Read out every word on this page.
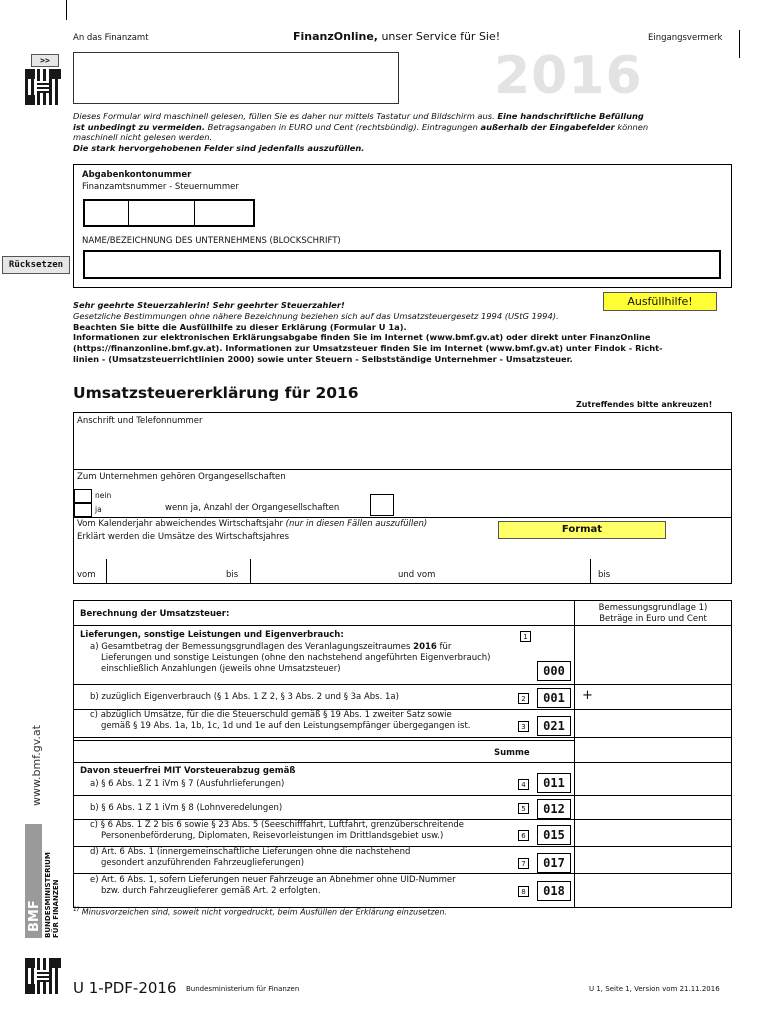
An das Finanzamt	FinanzOnline, unser Service für Sie!	Eingangsvermerk
2016
>>
Dieses Formular wird maschinell gelesen, füllen Sie es daher nur mittels Tastatur und Bildschirm aus. Eine handschriftliche Befüllung
ist unbedingt zu vermeiden. Betragsangaben in EURO und Cent (rechtsbündig). Eintragungen außerhalb der Eingabefelder können
maschinell nicht gelesen werden.
Die stark hervorgehobenen Felder sind jedenfalls auszufüllen.
Abgabenkontonummer
Finanzamtsnummer - Steuernummer
NAME/BEZEICHNUNG DES UNTERNEHMENS (BLOCKSCHRIFT)
Rücksetzen
Sehr geehrte Steuerzahlerin! Sehr geehrter Steuerzahler!
Gesetzliche Bestimmungen ohne nähere Bezeichnung beziehen sich auf das Umsatzsteuergesetz 1994 (UStG 1994).
Beachten Sie bitte die Ausfüllhilfe zu dieser Erklärung (Formular U 1a).
Informationen zur elektronischen Erklärungsabgabe finden Sie im Internet (www.bmf.gv.at) oder direkt unter FinanzOnline
(https://finanzonline.bmf.gv.at). Informationen zur Umsatzsteuer finden Sie im Internet (www.bmf.gv.at) unter Findok - Richt-
linien - (Umsatzsteuerrichtlinien 2000) sowie unter Steuern - Selbstständige Unternehmer - Umsatzsteuer.
Ausfüllhilfe!
Umsatzsteuererklärung für 2016
Zutreffendes bitte ankreuzen!
Anschrift und Telefonnummer
Zum Unternehmen gehören Organgesellschaften
nein
ja	wenn ja, Anzahl der Organgesellschaften
Vom Kalenderjahr abweichendes Wirtschaftsjahr (nur in diesen Fällen auszufüllen)
Erklärt werden die Umsätze des Wirtschaftsjahres
Format
vom	bis	und vom	bis
Berechnung der Umsatzsteuer:
Bemessungsgrundlage 1)
Beträge in Euro und Cent
Lieferungen, sonstige Leistungen und Eigenverbrauch:	1
a) Gesamtbetrag der Bemessungsgrundlagen des Veranlagungszeitraumes 2016 für
Lieferungen und sonstige Leistungen (ohne den nachstehend angeführten Eigenverbrauch)
einschließlich Anzahlungen (jeweils ohne Umsatzsteuer)	000
b) zuzüglich Eigenverbrauch (§ 1 Abs. 1 Z 2, § 3 Abs. 2 und § 3a Abs. 1a)	2	001	+
c) abzüglich Umsätze, für die die Steuerschuld gemäß § 19 Abs. 1 zweiter Satz sowie
gemäß § 19 Abs. 1a, 1b, 1c, 1d und 1e auf den Leistungsempfänger übergegangen ist.	3	021
Summe
Davon steuerfrei MIT Vorsteuerabzug gemäß
a) § 6 Abs. 1 Z 1 iVm § 7 (Ausfuhrlieferungen)	4	011
b) § 6 Abs. 1 Z 1 iVm § 8 (Lohnveredelungen)	5	012
c) § 6 Abs. 1 Z 2 bis 6 sowie § 23 Abs. 5 (Seeschifffahrt, Luftfahrt, grenzüberschreitende
Personenbeförderung, Diplomaten, Reisevorleistungen im Drittlandsgebiet usw.)	6	015
d) Art. 6 Abs. 1 (innergemeinschaftliche Lieferungen ohne die nachstehend
gesondert anzuführenden Fahrzeuglieferungen)	7	017
e) Art. 6 Abs. 1, sofern Lieferungen neuer Fahrzeuge an Abnehmer ohne UID-Nummer
bzw. durch Fahrzeuglieferer gemäß Art. 2 erfolgten.	8	018
$^{1)}$ Minusvorzeichen sind, soweit nicht vorgedruckt, beim Ausfüllen der Erklärung einzusetzen.
www.bmf.gv.at
BMF BUNDESMINISTERIUM FÜR FINANZEN
U 1-PDF-2016 Bundesministerium für Finanzen	U 1, Seite 1, Version vom 21.11.2016
